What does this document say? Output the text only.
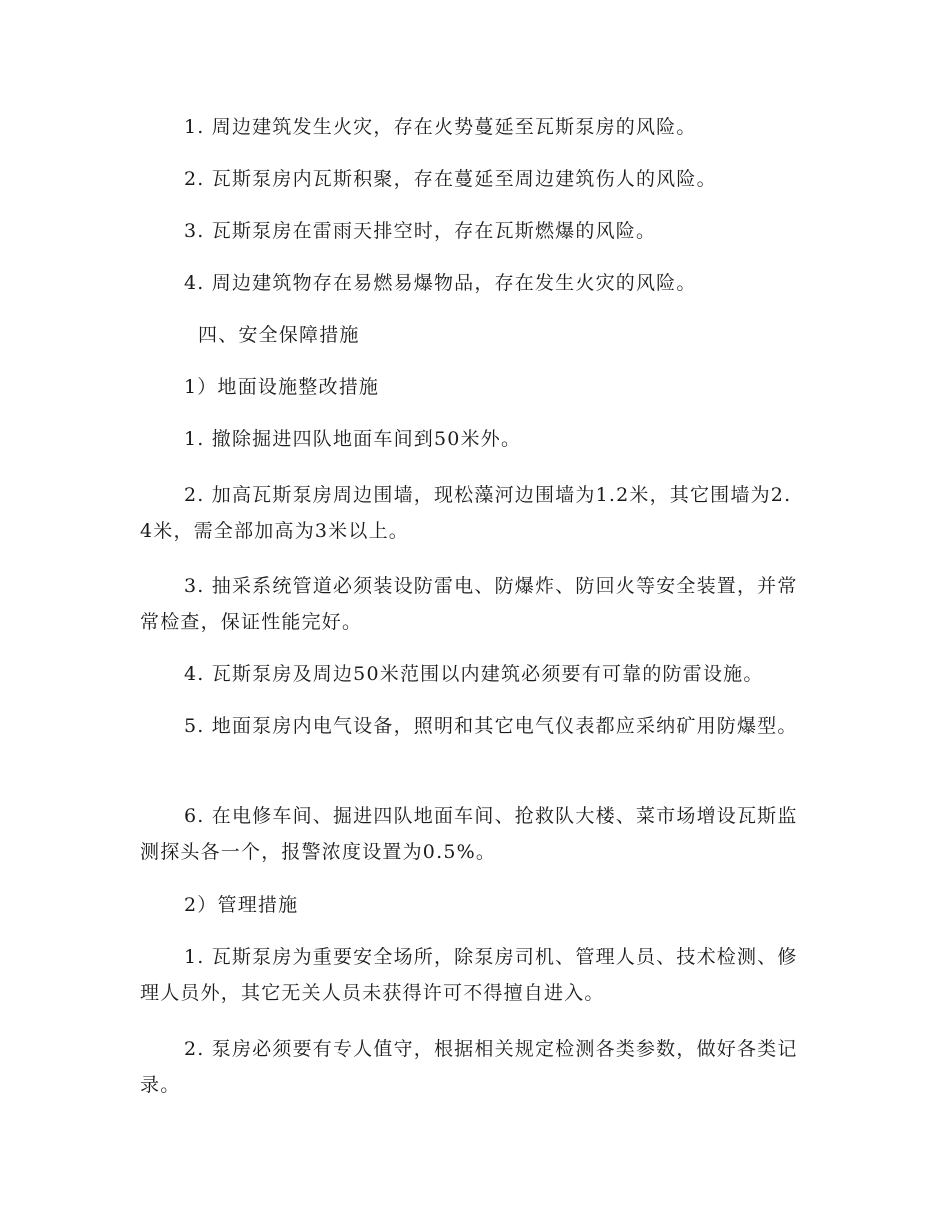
1. 周边建筑发生火灾，存在火势蔓延至瓦斯泵房的风险。

2. 瓦斯泵房内瓦斯积聚，存在蔓延至周边建筑伤人的风险。

3. 瓦斯泵房在雷雨天排空时，存在瓦斯燃爆的风险。

4. 周边建筑物存在易燃易爆物品，存在发生火灾的风险。

四、安全保障措施

1）地面设施整改措施

1. 撤除掘进四队地面车间到50米外。

2. 加高瓦斯泵房周边围墙，现松藻河边围墙为1.2米，其它围墙为2.4米，需全部加高为3米以上。

3. 抽采系统管道必须装设防雷电、防爆炸、防回火等安全装置，并常常检查，保证性能完好。

4. 瓦斯泵房及周边50米范围以内建筑必须要有可靠的防雷设施。

5. 地面泵房内电气设备，照明和其它电气仪表都应采纳矿用防爆型。

6. 在电修车间、掘进四队地面车间、抢救队大楼、菜市场增设瓦斯监测探头各一个，报警浓度设置为0.5%。

2）管理措施

1. 瓦斯泵房为重要安全场所，除泵房司机、管理人员、技术检测、修理人员外，其它无关人员未获得许可不得擅自进入。

2. 泵房必须要有专人值守，根据相关规定检测各类参数，做好各类记录。
